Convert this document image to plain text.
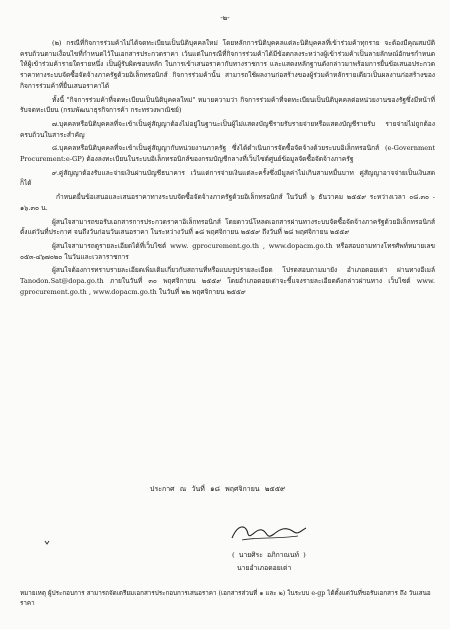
-๒-

(๒) กรณีที่กิจการร่วมค้าไม่ได้จดทะเบียนเป็นนิติบุคคลใหม่ โดยหลักการนิติบุคคลแต่ละนิติบุคคลที่เข้าร่วมค้าทุกราย จะต้องมีคุณสมบัติครบถ้วนตามเงื่อนไขที่กำหนดไว้ในเอกสารประกวดราคา เว้นแต่ในกรณีที่กิจการร่วมค้าได้มีข้อตกลงระหว่างผู้เข้าร่วมค้าเป็นลายลักษณ์อักษรกำหนดให้ผู้เข้าร่วมค้ารายใดรายหนึ่ง เป็นผู้รับผิดชอบหลัก ในการเข้าเสนอราคากับทางราชการ และแสดงหลักฐานดังกล่าวมาพร้อมการยื่นข้อเสนอประกวดราคาทางระบบจัดซื้อจัดจ้างภาครัฐด้วยอิเล็กทรอนิกส์ กิจการร่วมค้านั้น สามารถใช้ผลงานก่อสร้างของผู้ร่วมค้าหลักรายเดียวเป็นผลงานก่อสร้างของกิจการร่วมค้าที่ยื่นเสนอราคาได้

ทั้งนี้ "กิจการร่วมค้าที่จดทะเบียนเป็นนิติบุคคลใหม่" หมายความว่า กิจการร่วมค้าที่จดทะเบียนเป็นนิติบุคคลต่อหน่วยงานของรัฐซึ่งมีหน้าที่รับจดทะเบียน (กรมพัฒนาธุรกิจการค้า กระทรวงพาณิชย์)

๗.บุคคลหรือนิติบุคคลที่จะเข้าเป็นคู่สัญญาต้องไม่อยู่ในฐานะเป็นผู้ไม่แสดงบัญชีรายรับรายจ่ายหรือแสดงบัญชีรายรับ รายจ่ายไม่ถูกต้องครบถ้วนในสาระสำคัญ

๘.บุคคลหรือนิติบุคคลที่จะเข้าเป็นคู่สัญญากับหน่วยงานภาครัฐ ซึ่งได้ดำเนินการจัดซื้อจัดจ้างด้วยระบบอิเล็กทรอนิกส์ (e-Government Procurement:e-GP) ต้องลงทะเบียนในระบบอิเล็กทรอนิกส์ของกรมบัญชีกลางที่เว็บไซต์ศูนย์ข้อมูลจัดซื้อจัดจ้างภาครัฐ

๙.คู่สัญญาต้องรับและจ่ายเงินผ่านบัญชีธนาคาร เว้นแต่การจ่ายเงินแต่ละครั้งซึ่งมีมูลค่าไม่เกินสามหมื่นบาท คู่สัญญาอาจจ่ายเป็นเงินสดก็ได้

กำหนดยื่นข้อเสนอและเสนอราคาทางระบบจัดซื้อจัดจ้างภาครัฐด้วยอิเล็กทรอนิกส์ ในวันที่ ๖ ธันวาคม ๒๕๕๙ ระหว่างเวลา ๐๘.๓๐ - ๑๖.๓๐ น.

ผู้สนใจสามารถขอรับเอกสารการประกวดราคาอิเล็กทรอนิกส์ โดยดาวน์โหลดเอกสารผ่านทางระบบจัดซื้อจัดจ้างภาครัฐด้วยอิเล็กทรอนิกส์ ตั้งแต่วันที่ประกาศ จนถึงวันก่อนวันเสนอราคา ในระหว่างวันที่ ๑๘ พฤศจิกายน ๒๕๕๙ ถึงวันที่ ๒๘ พฤศจิกายน ๒๕๕๙

ผู้สนใจสามารถดูรายละเอียดได้ที่เว็บไซต์ www. gprocurement.go.th , www.dopacm.go.th หรือสอบถามทางโทรศัพท์หมายเลข ๐๕๓-๔๖๗๐๒๐ ในวันและเวลาราชการ

ผู้สนใจต้องการทราบรายละเอียดเพิ่มเติมเกี่ยวกับสถานที่หรือแบบรูปรายละเอียด โปรดสอบถามมายัง อำเภอดอยเต่า ผ่านทางอีเมล์ Tanodon.Sat@dopa.go.th ภายในวันที่ ๓๐ พฤศจิกายน ๒๕๕๙ โดยอำเภอดอยเต่าจะชี้แจงรายละเอียดดังกล่าวผ่านทาง เว็บไซต์ www. gprocurement.go.th , www.dopacm.go.th ในวันที่ ๒๒ พฤศจิกายน ๒๕๕๙

ประกาศ ณ วันที่ ๑๘ พฤศจิกายน ๒๕๕๙
( นายศิระ อภิกาณนท์ )
นายอำเภอดอยเต่า
หมายเหตุ ผู้ประกอบการ สามารถจัดเตรียมเอกสารประกอบการเสนอราคา (เอกสารส่วนที่ ๑ และ ๒) ในระบบ e-gp ได้ตั้งแต่วันที่ขอรับเอกสาร ถึง วันเสนอราคา
